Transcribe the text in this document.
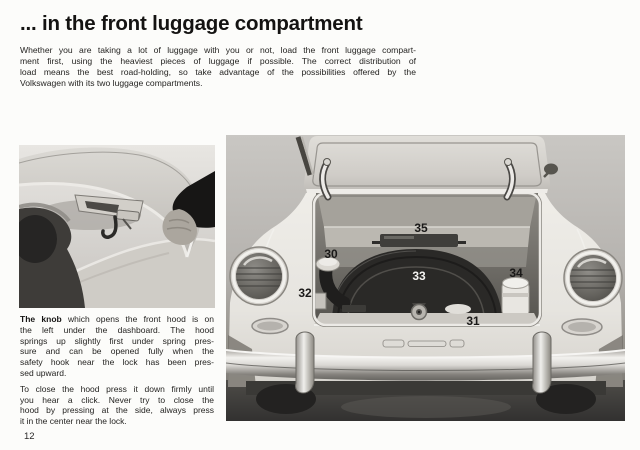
... in the front luggage compartment
Whether you are taking a lot of luggage with you or not, load the front luggage compart-
ment first, using the heaviest pieces of luggage if possible. The correct distribution of
load means the best road-holding, so take advantage of the possibilities offered by the
Volkswagen with its two luggage compartments.
The knob which opens the front hood is on
the left under the dashboard. The hood
springs up slightly first under spring pres-
sure and can be opened fully when the
safety hook near the lock has been pres-
sed upward.
To close the hood press it down firmly until
you hear a click. Never try to close the
hood by pressing at the side, always press
it in the center near the lock.
12
30
31
32
33	34
35
